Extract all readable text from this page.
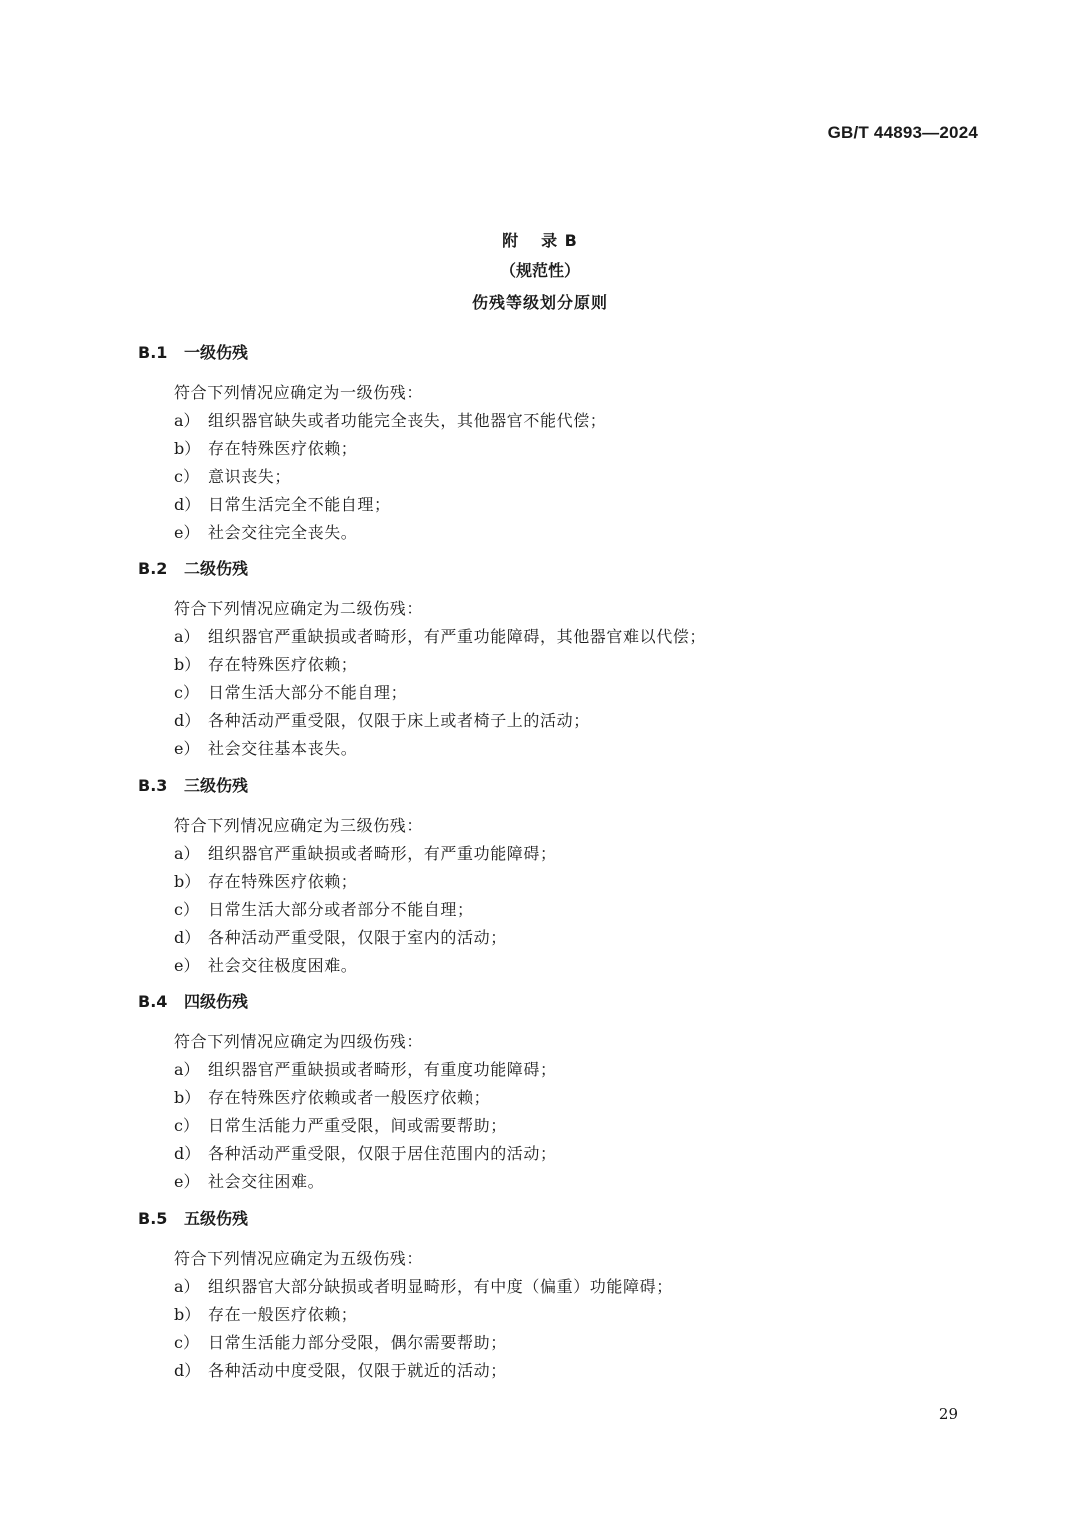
GB/T 44893—2024
附 录 B
（规范性）
伤残等级划分原则
B.1 一级伤残
符合下列情况应确定为一级伤残：
a） 组织器官缺失或者功能完全丧失，其他器官不能代偿；
b） 存在特殊医疗依赖；
c） 意识丧失；
d） 日常生活完全不能自理；
e） 社会交往完全丧失。
B.2 二级伤残
符合下列情况应确定为二级伤残：
a） 组织器官严重缺损或者畸形，有严重功能障碍，其他器官难以代偿；
b） 存在特殊医疗依赖；
c） 日常生活大部分不能自理；
d） 各种活动严重受限，仅限于床上或者椅子上的活动；
e） 社会交往基本丧失。
B.3 三级伤残
符合下列情况应确定为三级伤残：
a） 组织器官严重缺损或者畸形，有严重功能障碍；
b） 存在特殊医疗依赖；
c） 日常生活大部分或者部分不能自理；
d） 各种活动严重受限，仅限于室内的活动；
e） 社会交往极度困难。
B.4 四级伤残
符合下列情况应确定为四级伤残：
a） 组织器官严重缺损或者畸形，有重度功能障碍；
b） 存在特殊医疗依赖或者一般医疗依赖；
c） 日常生活能力严重受限，间或需要帮助；
d） 各种活动严重受限，仅限于居住范围内的活动；
e） 社会交往困难。
B.5 五级伤残
符合下列情况应确定为五级伤残：
a） 组织器官大部分缺损或者明显畸形，有中度（偏重）功能障碍；
b） 存在一般医疗依赖；
c） 日常生活能力部分受限，偶尔需要帮助；
d） 各种活动中度受限，仅限于就近的活动；
29
